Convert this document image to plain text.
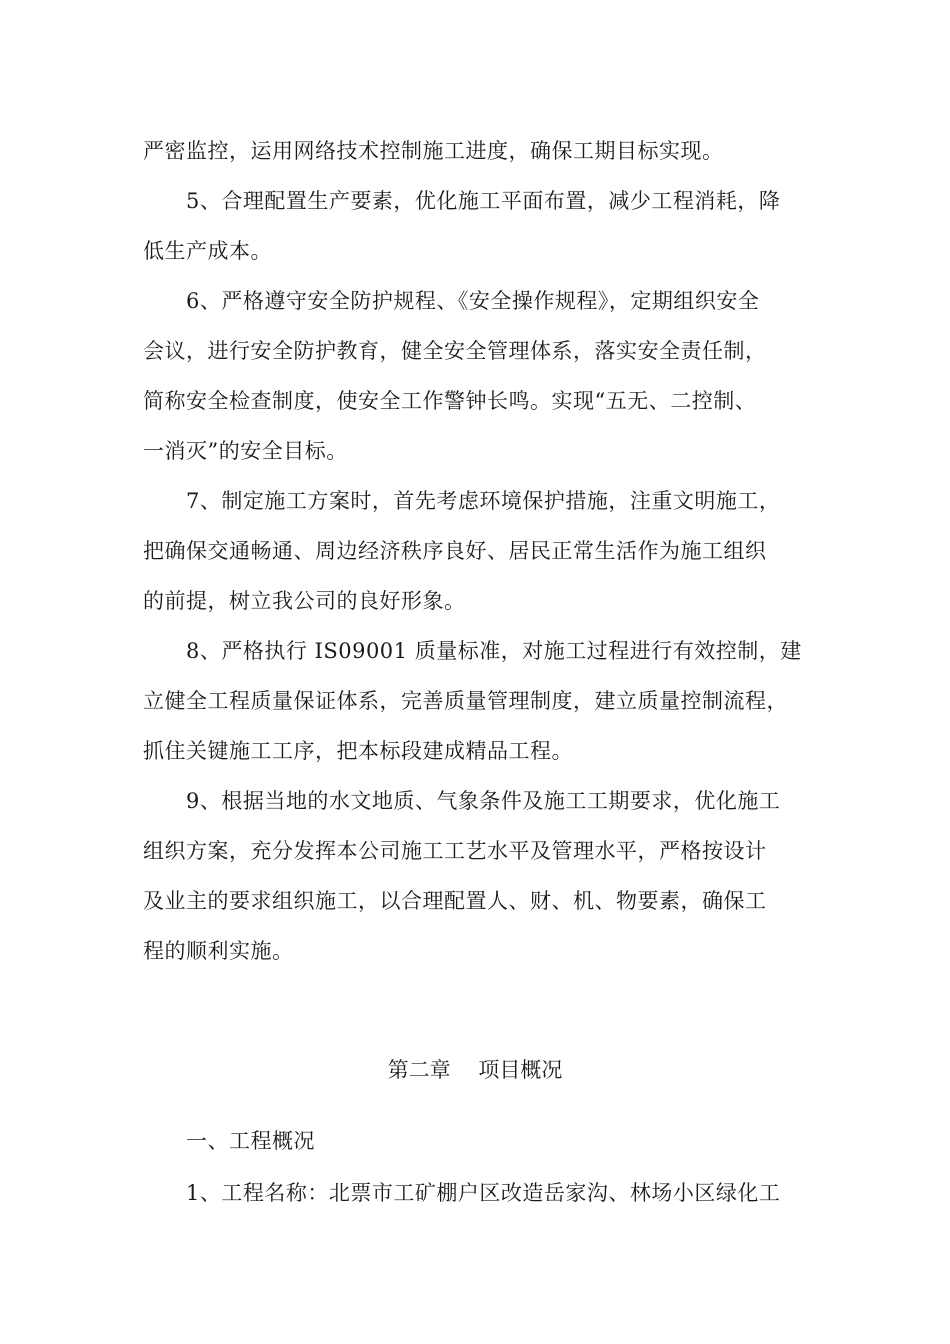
严密监控，运用网络技术控制施工进度，确保工期目标实现。
5、合理配置生产要素，优化施工平面布置，减少工程消耗，降
低生产成本。
6、严格遵守安全防护规程、《安全操作规程》，定期组织安全
会议，进行安全防护教育，健全安全管理体系，落实安全责任制，
简称安全检查制度，使安全工作警钟长鸣。实现“五无、二控制、
一消灭”的安全目标。
7、制定施工方案时，首先考虑环境保护措施，注重文明施工，
把确保交通畅通、周边经济秩序良好、居民正常生活作为施工组织
的前提，树立我公司的良好形象。
8、严格执行 IS09001 质量标准，对施工过程进行有效控制，建
立健全工程质量保证体系，完善质量管理制度，建立质量控制流程，
抓住关键施工工序，把本标段建成精品工程。
9、根据当地的水文地质、气象条件及施工工期要求，优化施工
组织方案，充分发挥本公司施工工艺水平及管理水平，严格按设计
及业主的要求组织施工，以合理配置人、财、机、物要素，确保工
程的顺利实施。
第二章　 项目概况
一、工程概况
1、工程名称：北票市工矿棚户区改造岳家沟、林场小区绿化工
